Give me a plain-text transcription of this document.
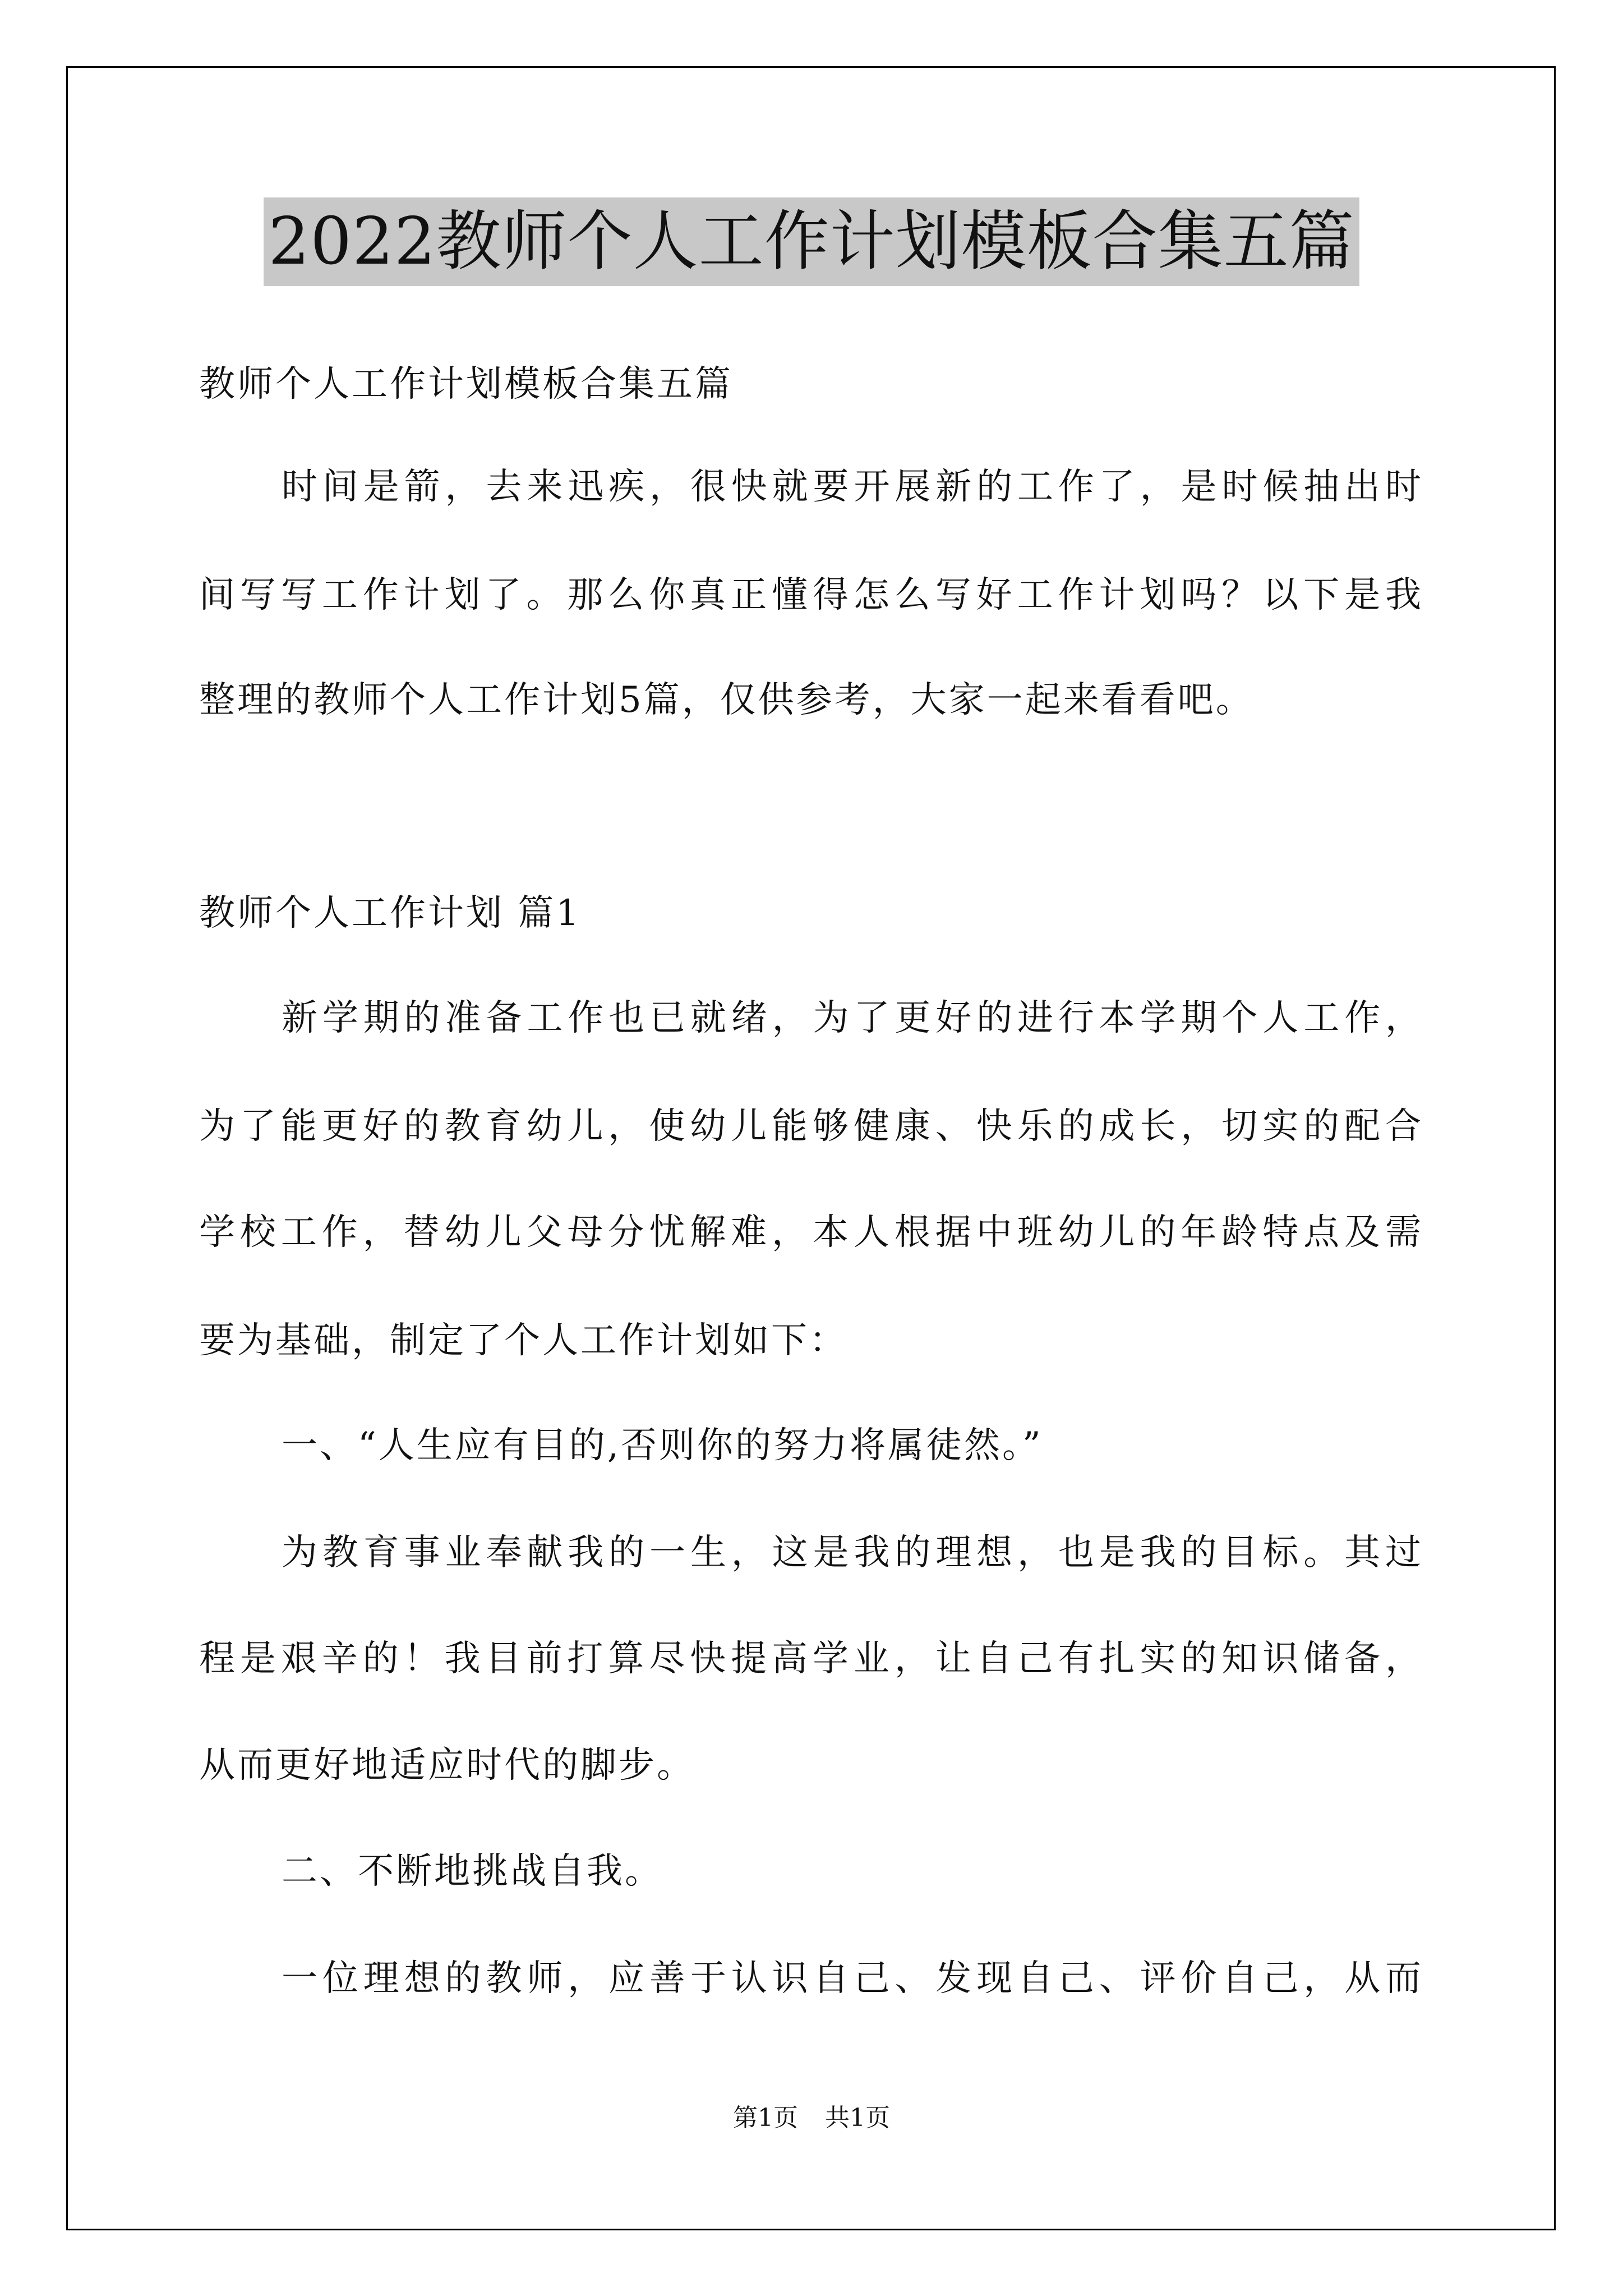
2022教师个人工作计划模板合集五篇
教师个人工作计划模板合集五篇
时间是箭，去来迅疾，很快就要开展新的工作了，是时候抽出时
间写写工作计划了。那么你真正懂得怎么写好工作计划吗？以下是我
整理的教师个人工作计划5篇，仅供参考，大家一起来看看吧。
教师个人工作计划 篇1
新学期的准备工作也已就绪，为了更好的进行本学期个人工作，
为了能更好的教育幼儿，使幼儿能够健康、快乐的成长，切实的配合
学校工作，替幼儿父母分忧解难，本人根据中班幼儿的年龄特点及需
要为基础，制定了个人工作计划如下：
一、“人生应有目的,否则你的努力将属徒然。”
为教育事业奉献我的一生，这是我的理想，也是我的目标。其过
程是艰辛的！我目前打算尽快提高学业，让自己有扎实的知识储备，
从而更好地适应时代的脚步。
二、不断地挑战自我。
一位理想的教师，应善于认识自己、发现自己、评价自己，从而
第1页 共1页
